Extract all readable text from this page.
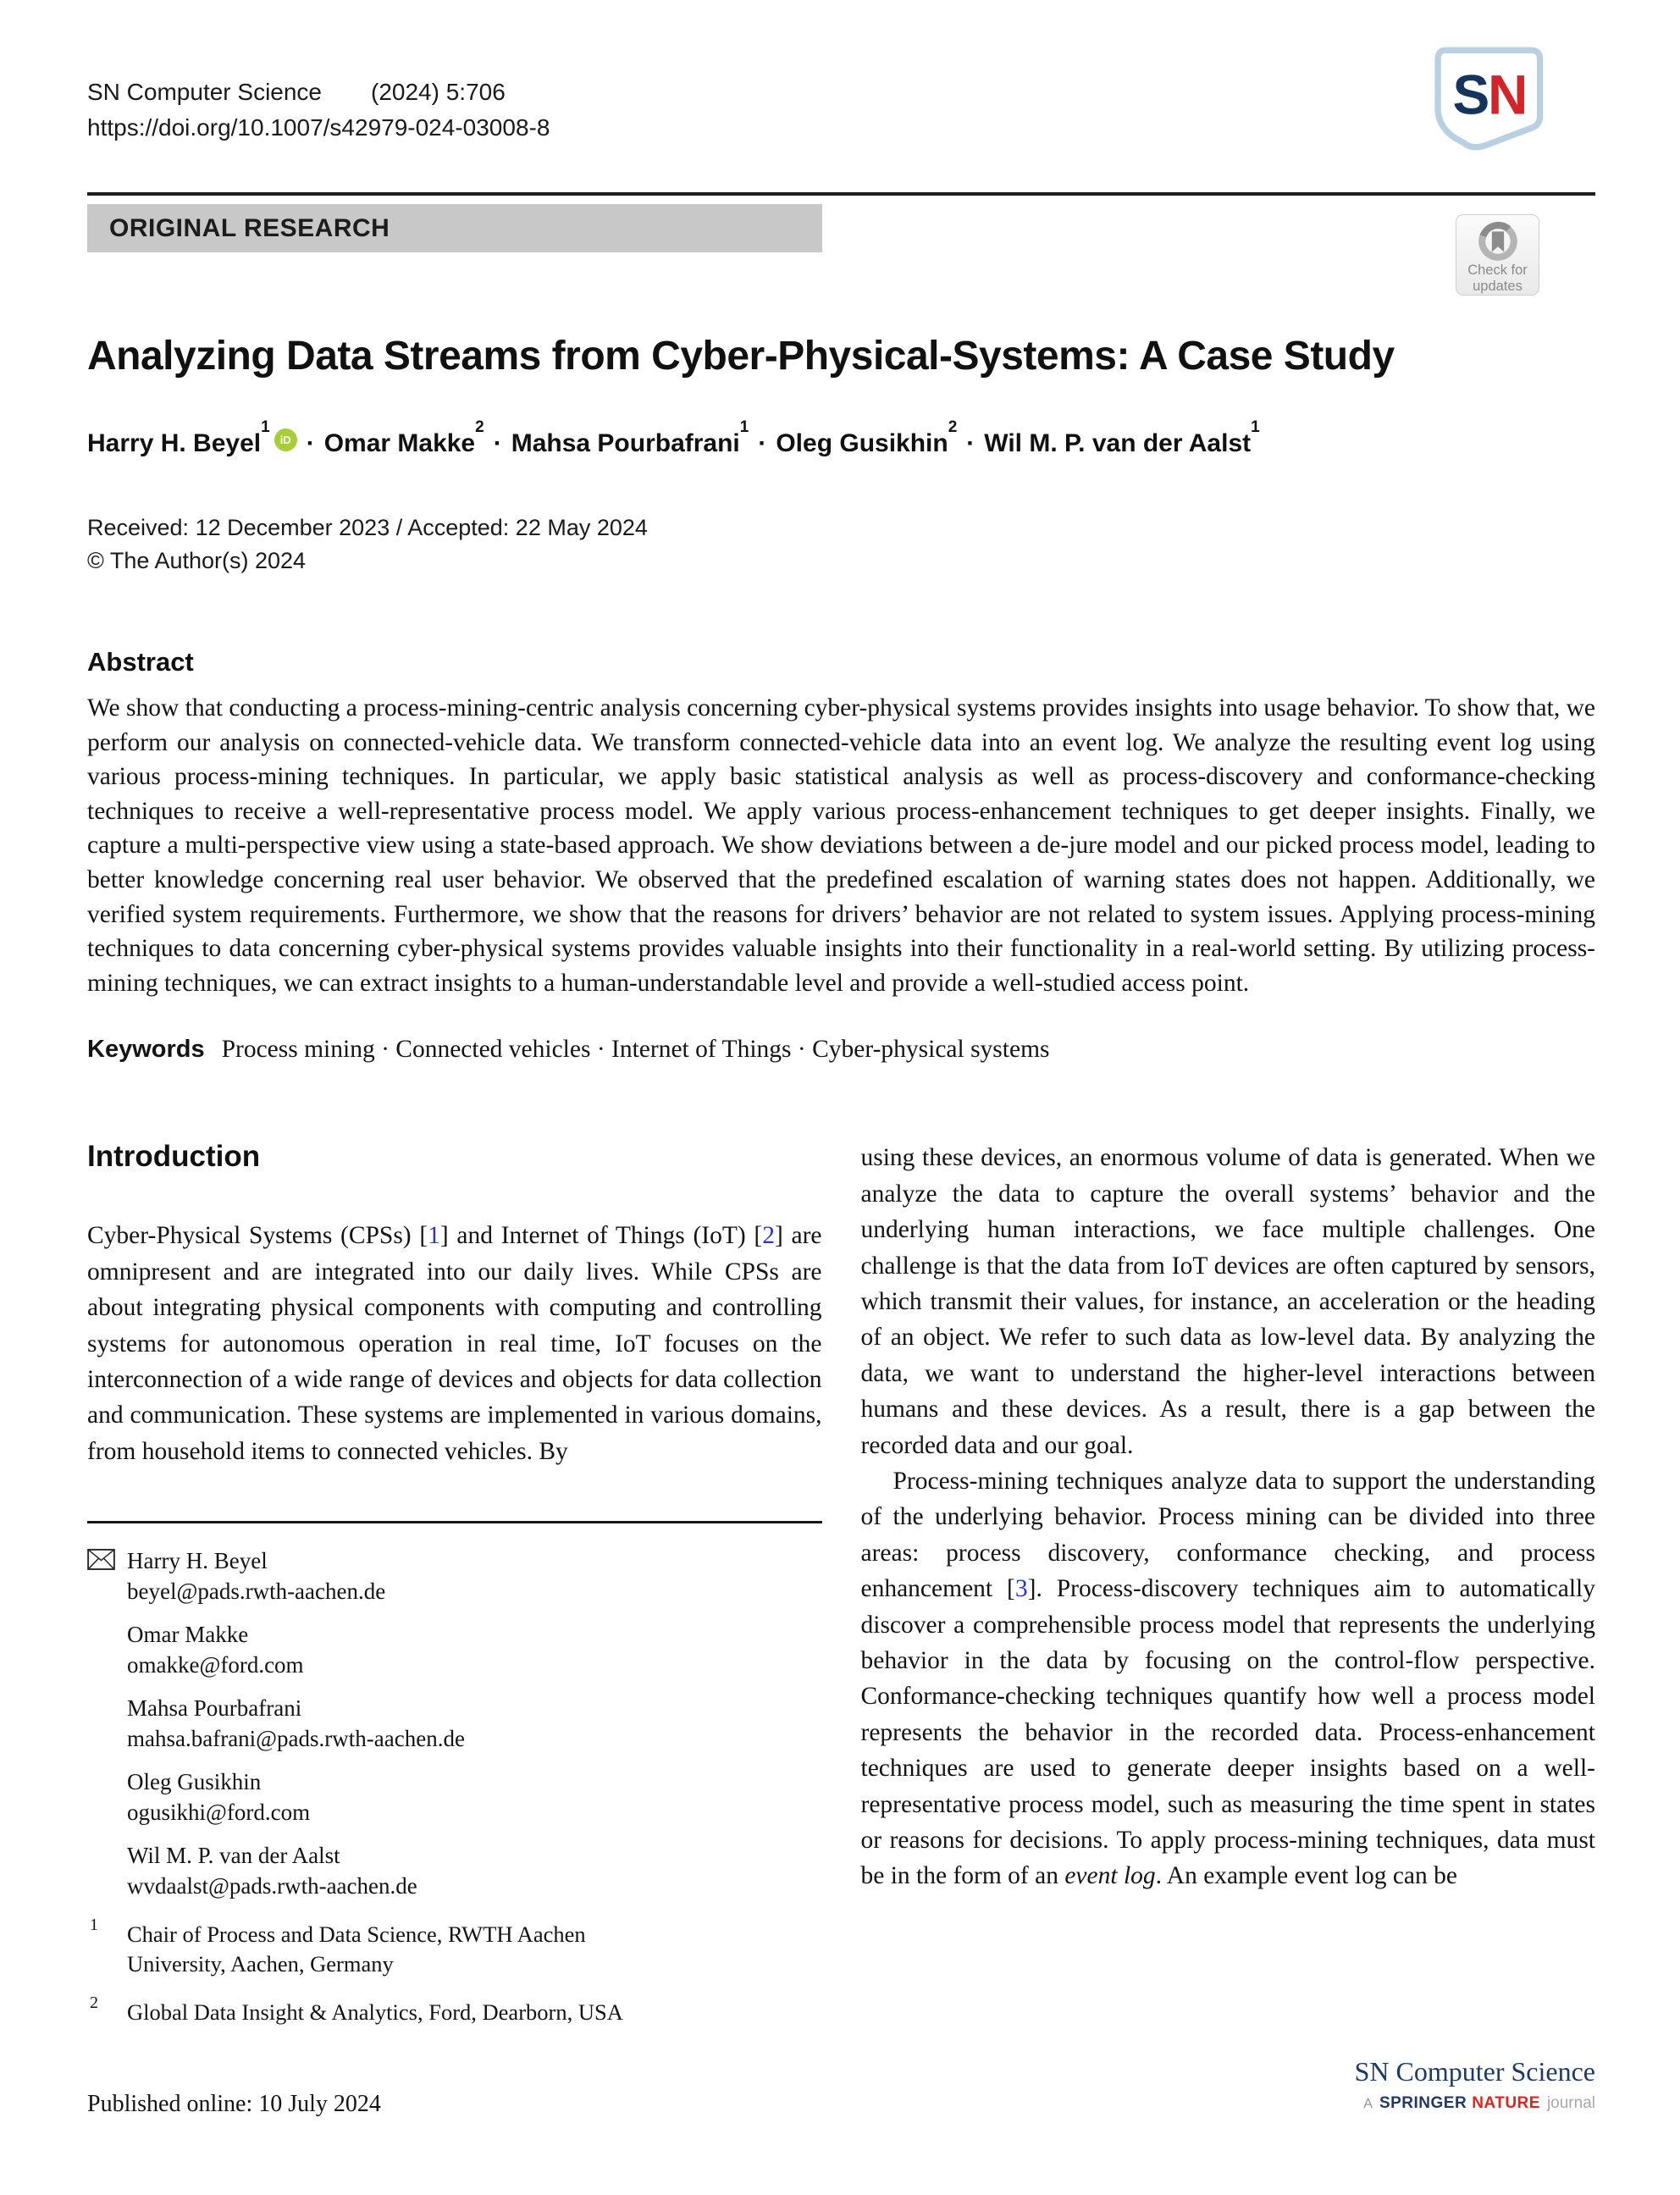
SN Computer Science (2024) 5:706
https://doi.org/10.1007/s42979-024-03008-8
S
N
ORIGINAL RESEARCH
Check for
updates
Analyzing Data Streams from Cyber-Physical-Systems: A Case Study
Harry H. Beyel$^1$iD · Omar Makke$^2$· Mahsa Pourbafrani$^1$· Oleg Gusikhin$^2$· Wil M. P. van der Aalst$^1$
Received: 12 December 2023 / Accepted: 22 May 2024
© The Author(s) 2024
Abstract

We show that conducting a process-mining-centric analysis concerning cyber-physical systems provides insights into usage behavior. To show that, we perform our analysis on connected-vehicle data. We transform connected-vehicle data into an event log. We analyze the resulting event log using various process-mining techniques. In particular, we apply basic statistical analysis as well as process-discovery and conformance-checking techniques to receive a well-representative process model. We apply various process-enhancement techniques to get deeper insights. Finally, we capture a multi-perspective view using a state-based approach. We show deviations between a de-jure model and our picked process model, leading to better knowledge concerning real user behavior. We observed that the predefined escalation of warning states does not happen. Additionally, we verified system requirements. Furthermore, we show that the reasons for drivers’ behavior are not related to system issues. Applying process-mining techniques to data concerning cyber-physical systems provides valuable insights into their functionality in a real-world setting. By utilizing process-mining techniques, we can extract insights to a human-understandable level and provide a well-studied access point.

Keywords Process mining · Connected vehicles · Internet of Things · Cyber-physical systems
Introduction

Cyber-Physical Systems (CPSs) [1] and Internet of Things (IoT) [2] are omnipresent and are integrated into our daily lives. While CPSs are about integrating physical components with computing and controlling systems for autonomous operation in real time, IoT focuses on the interconnection of a wide range of devices and objects for data collection and communication. These systems are implemented in various domains, from household items to connected vehicles. By

Harry H. Beyel
beyel@pads.rwth-aachen.de
Omar Makke
omakke@ford.com
Mahsa Pourbafrani
mahsa.bafrani@pads.rwth-aachen.de
Oleg Gusikhin
ogusikhi@ford.com
Wil M. P. van der Aalst
wvdaalst@pads.rwth-aachen.de
1	Chair of Process and Data Science, RWTH Aachen University, Aachen, Germany
2	Global Data Insight & Analytics, Ford, Dearborn, USA

using these devices, an enormous volume of data is generated. When we analyze the data to capture the overall systems’ behavior and the underlying human interactions, we face multiple challenges. One challenge is that the data from IoT devices are often captured by sensors, which transmit their values, for instance, an acceleration or the heading of an object. We refer to such data as low-level data. By analyzing the data, we want to understand the higher-level interactions between humans and these devices. As a result, there is a gap between the recorded data and our goal.

Process-mining techniques analyze data to support the understanding of the underlying behavior. Process mining can be divided into three areas: process discovery, conformance checking, and process enhancement [3]. Process-discovery techniques aim to automatically discover a comprehensible process model that represents the underlying behavior in the data by focusing on the control-flow perspective. Conformance-checking techniques quantify how well a process model represents the behavior in the recorded data. Process-enhancement techniques are used to generate deeper insights based on a well-representative process model, such as measuring the time spent in states or reasons for decisions. To apply process-mining techniques, data must be in the form of an event log. An example event log can be

Published online: 10 July 2024
SN Computer Science
A SPRINGER NATURE journal
